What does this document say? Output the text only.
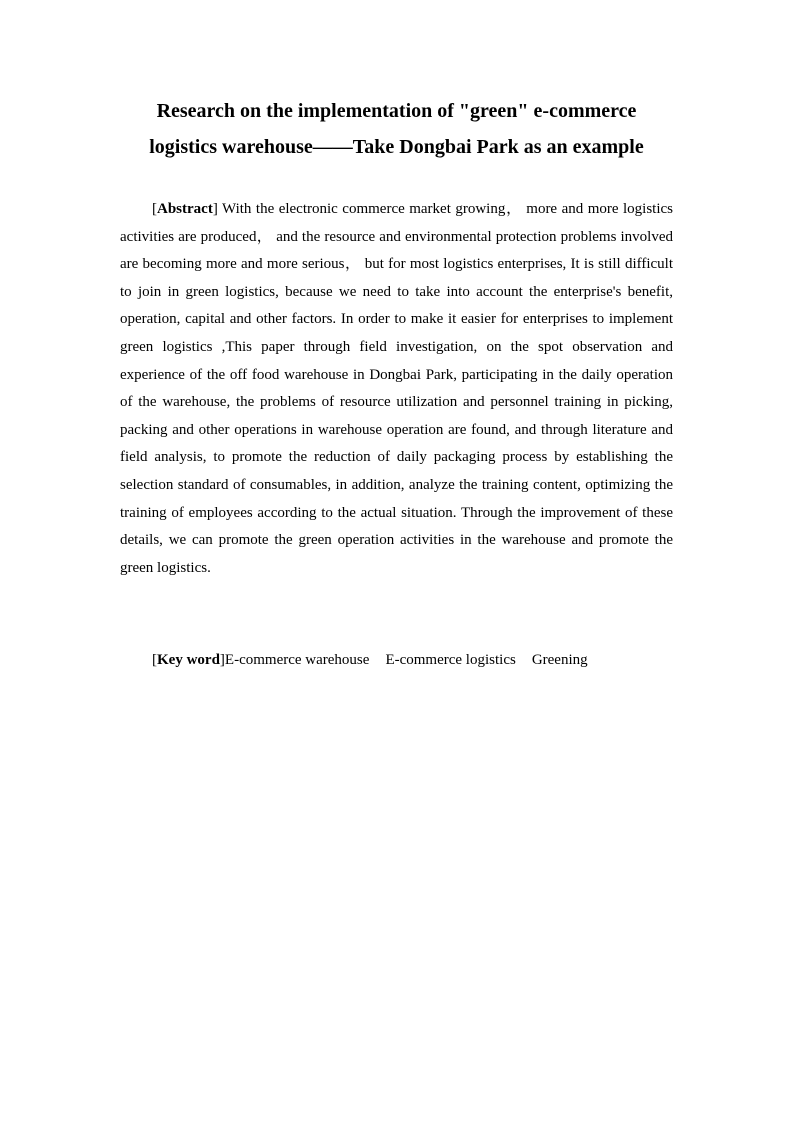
Research on the implementation of "green" e-commerce
logistics warehouse——Take Dongbai Park as an example

[Abstract] With the electronic commerce market growing， more and more logistics activities are produced， and the resource and environmental protection problems involved are becoming more and more serious， but for most logistics enterprises, It is still difficult to join in green logistics, because we need to take into account the enterprise's benefit, operation, capital and other factors. In order to make it easier for enterprises to implement green logistics ,This paper through field investigation, on the spot observation and experience of the off food warehouse in Dongbai Park, participating in the daily operation of the warehouse, the problems of resource utilization and personnel training in picking, packing and other operations in warehouse operation are found, and through literature and field analysis, to promote the reduction of daily packaging process by establishing the selection standard of consumables, in addition, analyze the training content, optimizing the training of employees according to the actual situation. Through the improvement of these details, we can promote the green operation activities in the warehouse and promote the green logistics.

[Key word]E-commerce warehouse E-commerce logistics Greening
